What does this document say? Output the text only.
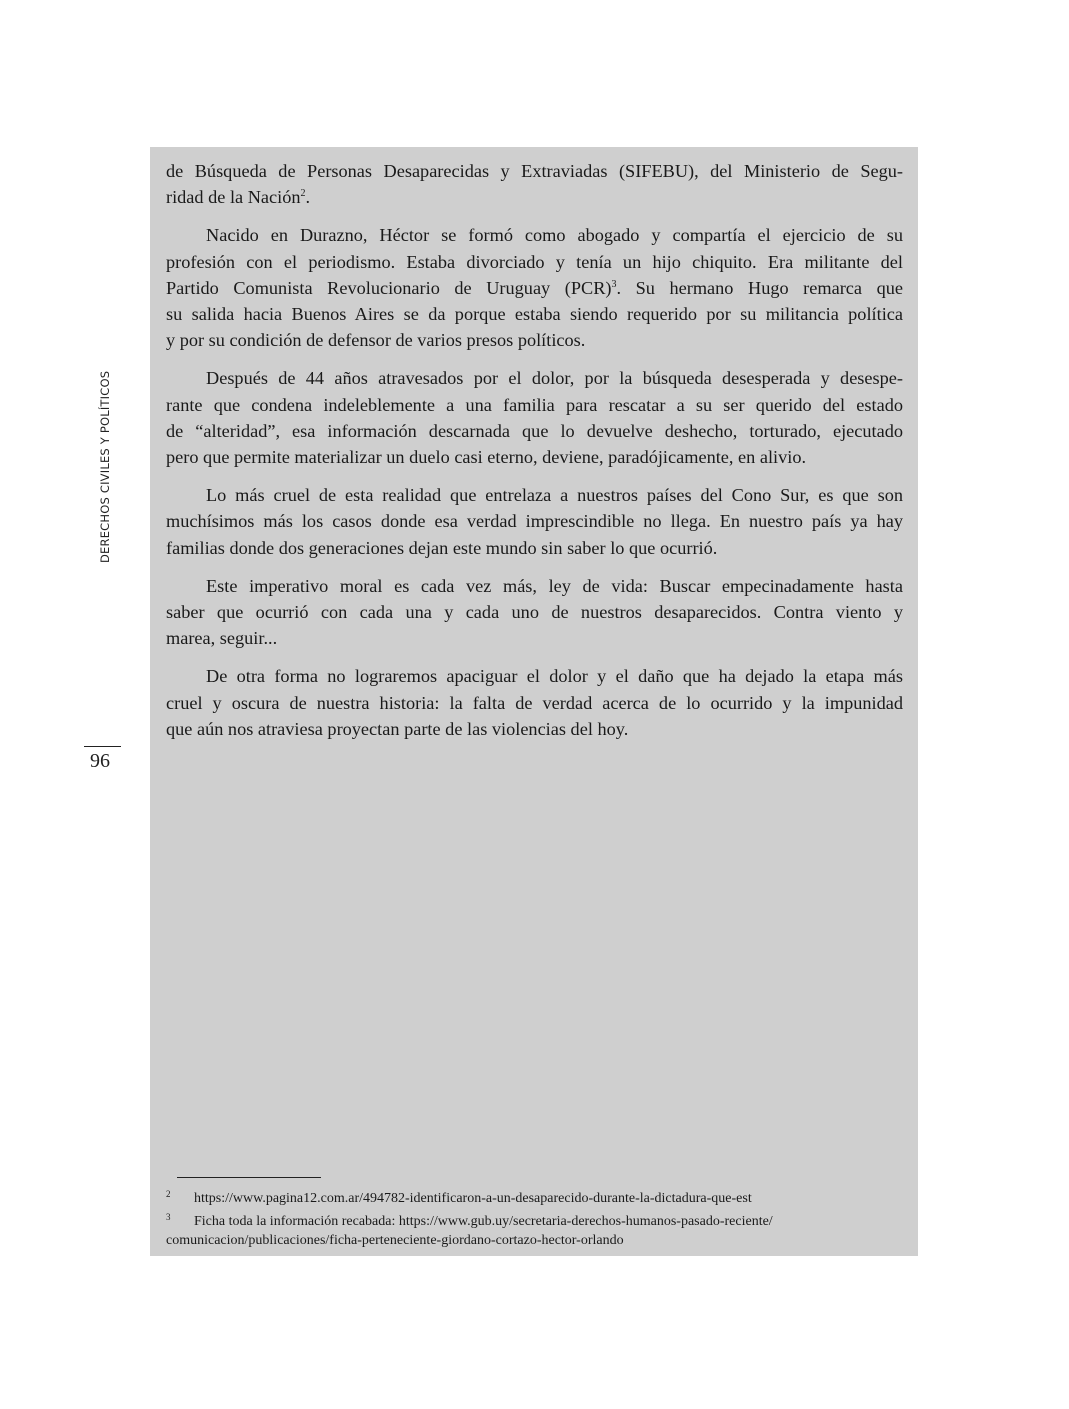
DERECHOS CIVILES Y POLÍTICOS
96
de Búsqueda de Personas Desaparecidas y Extraviadas (SIFEBU), del Ministerio de Segu-
ridad de la Nación$^2$.
Nacido en Durazno, Héctor se formó como abogado y compartía el ejercicio de su
profesión con el periodismo. Estaba divorciado y tenía un hijo chiquito. Era militante del
Partido Comunista Revolucionario de Uruguay (PCR)$^3$. Su hermano Hugo remarca que
su salida hacia Buenos Aires se da porque estaba siendo requerido por su militancia política
y por su condición de defensor de varios presos políticos.
Después de 44 años atravesados por el dolor, por la búsqueda desesperada y desespe-
rante que condena indeleblemente a una familia para rescatar a su ser querido del estado
de “alteridad”, esa información descarnada que lo devuelve deshecho, torturado, ejecutado
pero que permite materializar un duelo casi eterno, deviene, paradójicamente, en alivio.
Lo más cruel de esta realidad que entrelaza a nuestros países del Cono Sur, es que son
muchísimos más los casos donde esa verdad imprescindible no llega. En nuestro país ya hay
familias donde dos generaciones dejan este mundo sin saber lo que ocurrió.
Este imperativo moral es cada vez más, ley de vida: Buscar empecinadamente hasta
saber que ocurrió con cada una y cada uno de nuestros desaparecidos. Contra viento y
marea, seguir...
De otra forma no lograremos apaciguar el dolor y el daño que ha dejado la etapa más
cruel y oscura de nuestra historia: la falta de verdad acerca de lo ocurrido y la impunidad
que aún nos atraviesa proyectan parte de las violencias del hoy.
2 https://www.pagina12.com.ar/494782-identificaron-a-un-desaparecido-durante-la-dictadura-que-est
3 Ficha toda la información recabada: https://www.gub.uy/secretaria-derechos-humanos-pasado-reciente/
comunicacion/publicaciones/ficha-perteneciente-giordano-cortazo-hector-orlando
